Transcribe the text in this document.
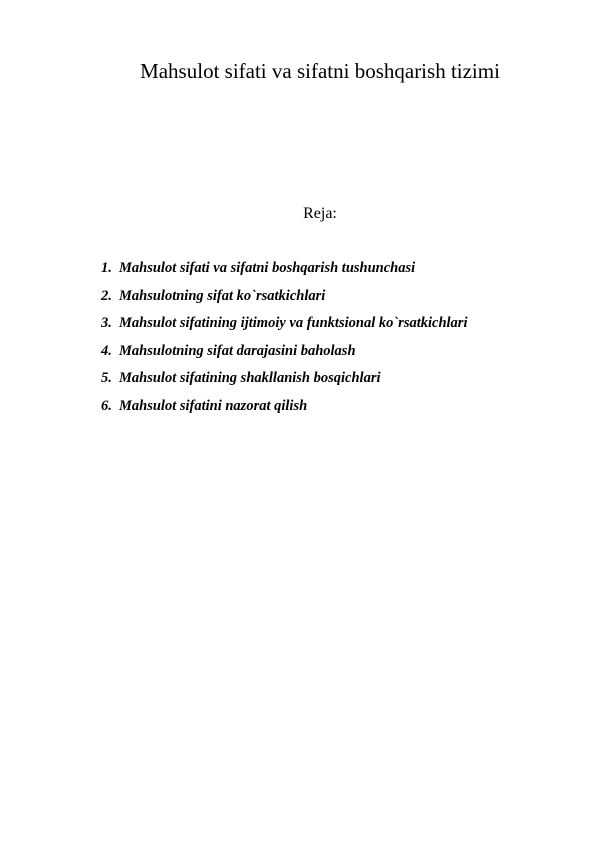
Mahsulot sifati va sifatni boshqarish tizimi
Reja:
1. Mahsulot sifati va sifatni boshqarish tushunchasi
2. Mahsulotning sifat ko`rsatkichlari
3. Mahsulot sifatining ijtimoiy va funktsional ko`rsatkichlari
4. Mahsulotning sifat darajasini baholash
5. Mahsulot sifatining shakllanish bosqichlari
6. Mahsulot sifatini nazorat qilish
